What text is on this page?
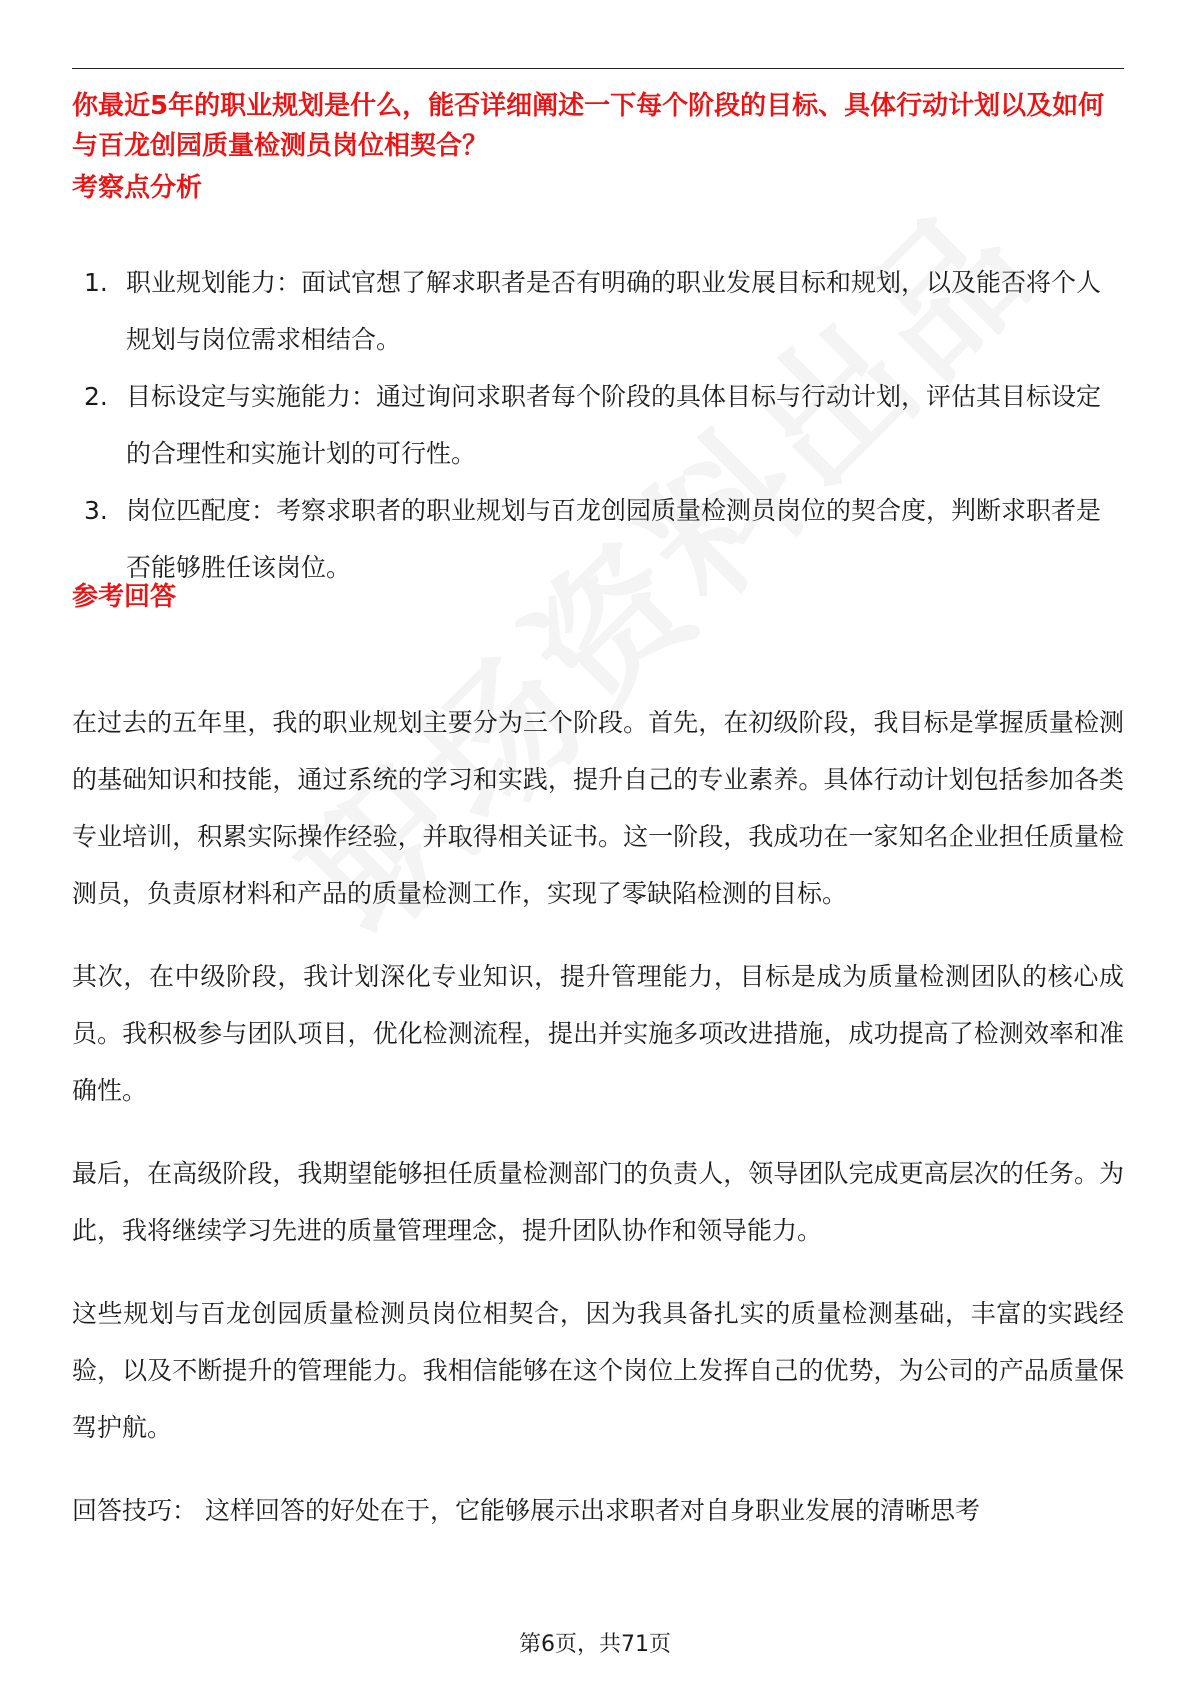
你最近5年的职业规划是什么，能否详细阐述一下每个阶段的目标、具体行动计划以及如何与百龙创园质量检测员岗位相契合？
考察点分析
1. 职业规划能力：面试官想了解求职者是否有明确的职业发展目标和规划，以及能否将个人规划与岗位需求相结合。
2. 目标设定与实施能力：通过询问求职者每个阶段的具体目标与行动计划，评估其目标设定的合理性和实施计划的可行性。
3. 岗位匹配度：考察求职者的职业规划与百龙创园质量检测员岗位的契合度，判断求职者是否能够胜任该岗位。
参考回答

在过去的五年里，我的职业规划主要分为三个阶段。首先，在初级阶段，我目标是掌握质量检测的基础知识和技能，通过系统的学习和实践，提升自己的专业素养。具体行动计划包括参加各类专业培训，积累实际操作经验，并取得相关证书。这一阶段，我成功在一家知名企业担任质量检测员，负责原材料和产品的质量检测工作，实现了零缺陷检测的目标。

其次，在中级阶段，我计划深化专业知识，提升管理能力，目标是成为质量检测团队的核心成员。我积极参与团队项目，优化检测流程，提出并实施多项改进措施，成功提高了检测效率和准确性。

最后，在高级阶段，我期望能够担任质量检测部门的负责人，领导团队完成更高层次的任务。为此，我将继续学习先进的质量管理理念，提升团队协作和领导能力。

这些规划与百龙创园质量检测员岗位相契合，因为我具备扎实的质量检测基础，丰富的实践经验，以及不断提升的管理能力。我相信能够在这个岗位上发挥自己的优势，为公司的产品质量保驾护航。

回答技巧： 这样回答的好处在于，它能够展示出求职者对自身职业发展的清晰思考

第6页，共71页
